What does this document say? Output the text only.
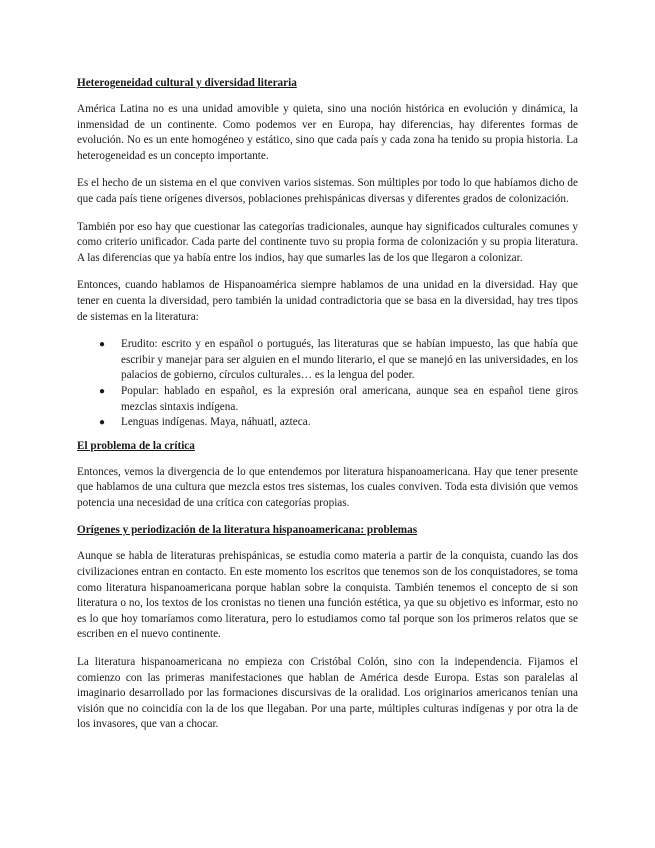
Heterogeneidad cultural y diversidad literaria

América Latina no es una unidad amovible y quieta, sino una noción histórica en evolución y dinámica, la inmensidad de un continente. Como podemos ver en Europa, hay diferencias, hay diferentes formas de evolución. No es un ente homogéneo y estático, sino que cada país y cada zona ha tenido su propia historia. La heterogeneidad es un concepto importante.

Es el hecho de un sistema en el que conviven varios sistemas. Son múltiples por todo lo que habíamos dicho de que cada país tiene orígenes diversos, poblaciones prehispánicas diversas y diferentes grados de colonización.

También por eso hay que cuestionar las categorías tradicionales, aunque hay significados culturales comunes y como criterio unificador. Cada parte del continente tuvo su propia forma de colonización y su propia literatura. A las diferencias que ya había entre los indios, hay que sumarles las de los que llegaron a colonizar.

Entonces, cuando hablamos de Hispanoamérica siempre hablamos de una unidad en la diversidad. Hay que tener en cuenta la diversidad, pero también la unidad contradictoria que se basa en la diversidad, hay tres tipos de sistemas en la literatura:

● Erudito: escrito y en español o portugués, las literaturas que se habían impuesto, las que había que escribir y manejar para ser alguien en el mundo literario, el que se manejó en las universidades, en los palacios de gobierno, círculos culturales… es la lengua del poder.
● Popular: hablado en español, es la expresión oral americana, aunque sea en español tiene giros mezclas sintaxis indígena.
● Lenguas indígenas. Maya, náhuatl, azteca.
El problema de la crítica

Entonces, vemos la divergencia de lo que entendemos por literatura hispanoamericana. Hay que tener presente que hablamos de una cultura que mezcla estos tres sistemas, los cuales conviven. Toda esta división que vemos potencia una necesidad de una crítica con categorías propias.

Orígenes y periodización de la literatura hispanoamericana: problemas

Aunque se habla de literaturas prehispánicas, se estudia como materia a partir de la conquista, cuando las dos civilizaciones entran en contacto. En este momento los escritos que tenemos son de los conquistadores, se toma como literatura hispanoamericana porque hablan sobre la conquista. También tenemos el concepto de si son literatura o no, los textos de los cronistas no tienen una función estética, ya que su objetivo es informar, esto no es lo que hoy tomaríamos como literatura, pero lo estudiamos como tal porque son los primeros relatos que se escriben en el nuevo continente.

La literatura hispanoamericana no empieza con Cristóbal Colón, sino con la independencia. Fijamos el comienzo con las primeras manifestaciones que hablan de América desde Europa. Estas son paralelas al imaginario desarrollado por las formaciones discursivas de la oralidad. Los originarios americanos tenían una visión que no coincidía con la de los que llegaban. Por una parte, múltiples culturas indígenas y por otra la de los invasores, que van a chocar.
